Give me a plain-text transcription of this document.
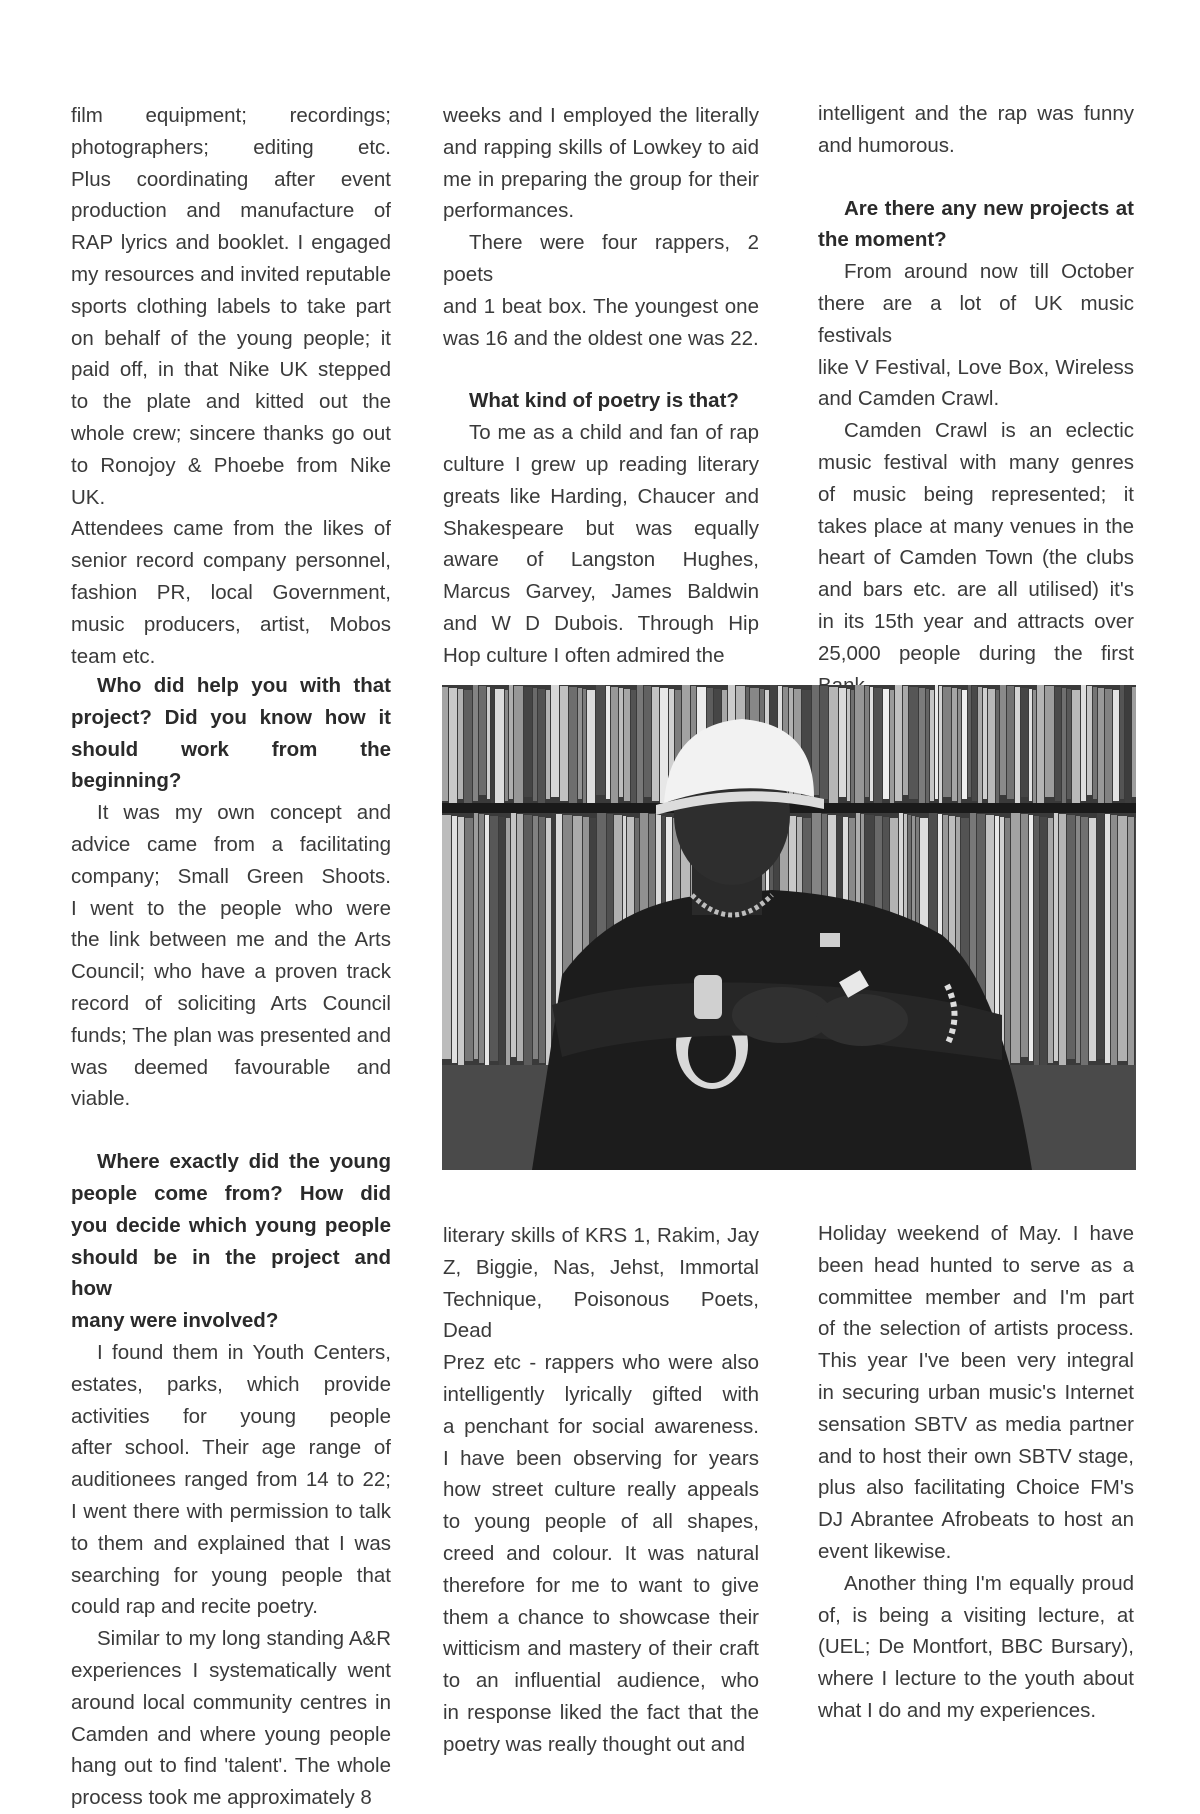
film equipment; recordings;
photographers; editing etc.
Plus coordinating after event
production and manufacture of
RAP lyrics and booklet. I engaged
my resources and invited reputable
sports clothing labels to take part
on behalf of the young people; it
paid off, in that Nike UK stepped
to the plate and kitted out the
whole crew; sincere thanks go out
to Ronojoy & Phoebe from Nike UK.
Attendees came from the likes of
senior record company personnel,
fashion PR, local Government,
music producers, artist, Mobos
team etc.

Who did help you with that
project? Did you know how it
should work from the beginning?

It was my own concept and
advice came from a facilitating
company; Small Green Shoots.
I went to the people who were
the link between me and the Arts
Council; who have a proven track
record of soliciting Arts Council
funds; The plan was presented and
was deemed favourable and viable.

Where exactly did the young
people come from? How did
you decide which young people
should be in the project and how
many were involved?

I found them in Youth Centers,
estates, parks, which provide
activities for young people
after school. Their age range of
auditionees ranged from 14 to 22;
I went there with permission to talk
to them and explained that I was
searching for young people that
could rap and recite poetry.

Similar to my long standing A&R
experiences I systematically went
around local community centres in
Camden and where young people
hang out to find 'talent'. The whole
process took me approximately 8

weeks and I employed the literally
and rapping skills of Lowkey to aid
me in preparing the group for their
performances.

There were four rappers, 2 poets
and 1 beat box. The youngest one
was 16 and the oldest one was 22.

What kind of poetry is that?

To me as a child and fan of rap
culture I grew up reading literary
greats like Harding, Chaucer and
Shakespeare but was equally
aware of Langston Hughes,
Marcus Garvey, James Baldwin
and W D Dubois. Through Hip
Hop culture I often admired the

intelligent and the rap was funny
and humorous.

Are there any new projects at
the moment?

From around now till October
there are a lot of UK music festivals
like V Festival, Love Box, Wireless
and Camden Crawl.

Camden Crawl is an eclectic
music festival with many genres
of music being represented; it
takes place at many venues in the
heart of Camden Town (the clubs
and bars etc. are all utilised) it's
in its 15th year and attracts over
25,000 people during the first

literary skills of KRS 1, Rakim, Jay
Z, Biggie, Nas, Jehst, Immortal
Technique, Poisonous Poets, Dead
Prez etc - rappers who were also
intelligently lyrically gifted with
a penchant for social awareness.
I have been observing for years
how street culture really appeals
to young people of all shapes,
creed and colour. It was natural
therefore for me to want to give
them a chance to showcase their
witticism and mastery of their craft
to an influential audience, who
in response liked the fact that the
poetry was really thought out and

Holiday weekend of May. I have
been head hunted to serve as a
committee member and I'm part
of the selection of artists process.
This year I've been very integral
in securing urban music's Internet
sensation SBTV as media partner
and to host their own SBTV stage,
plus also facilitating Choice FM's
DJ Abrantee Afrobeats to host an
event likewise.

Another thing I'm equally proud
of, is being a visiting lecture, at
(UEL; De Montfort, BBC Bursary),
where I lecture to the youth about
what I do and my experiences.
